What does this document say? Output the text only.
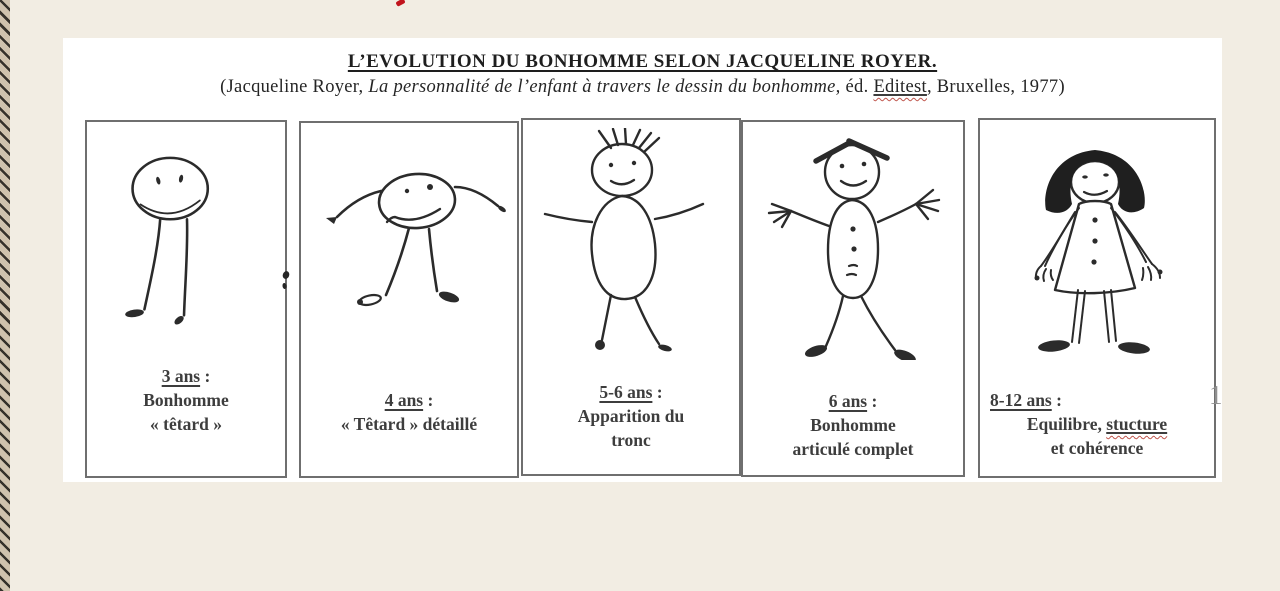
L’EVOLUTION DU BONHOMME SELON JACQUELINE ROYER.
(Jacqueline Royer, La personnalité de l’enfant à travers le dessin du bonhomme, éd. Editest, Bruxelles, 1977)
3 ans :
Bonhomme
« têtard »
4 ans :
« Têtard » détaillé
5-6 ans :
Apparition du
tronc
6 ans :
Bonhomme
articulé complet
8-12 ans :
Equilibre, stucture
et cohérence
1
